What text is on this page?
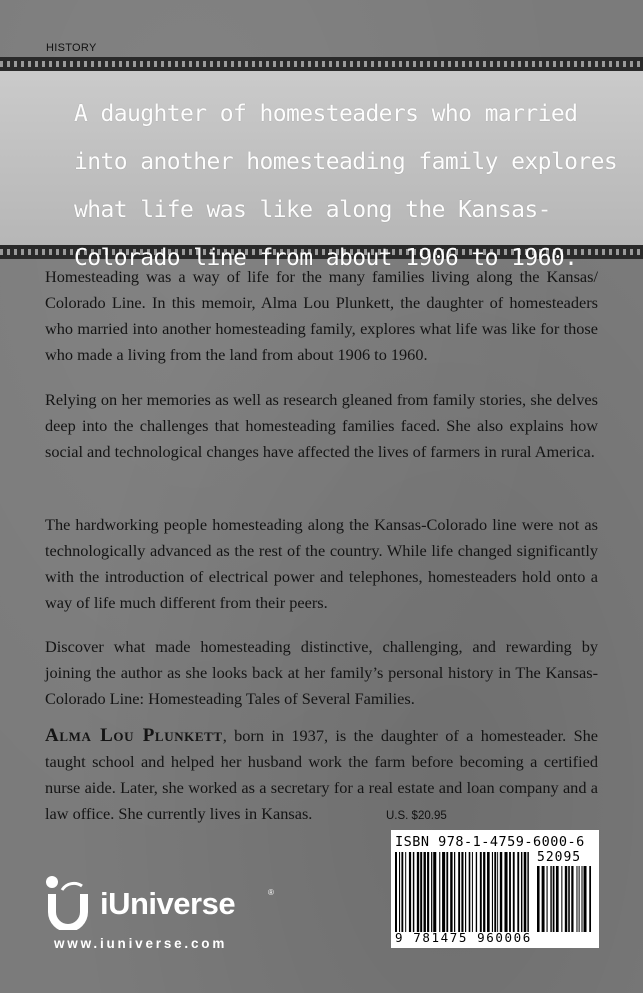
HISTORY
A daughter of homesteaders who married into another homesteading family explores what life was like along the Kansas-Colorado line from about 1906 to 1960.

Homesteading was a way of life for the many families living along the Kansas/ Colorado Line. In this memoir, Alma Lou Plunkett, the daughter of homesteaders who married into another homesteading family, explores what life was like for those who made a living from the land from about 1906 to 1960.

Relying on her memories as well as research gleaned from family stories, she delves deep into the challenges that homesteading families faced. She also explains how social and technological changes have affected the lives of farmers in rural America.

The hardworking people homesteading along the Kansas-Colorado line were not as technologically advanced as the rest of the country. While life changed significantly with the introduction of electrical power and telephones, homesteaders hold onto a way of life much different from their peers.

Discover what made homesteading distinctive, challenging, and rewarding by joining the author as she looks back at her family’s personal history in The Kansas-Colorado Line: Homesteading Tales of Several Families.

Alma Lou Plunkett, born in 1937, is the daughter of a homesteader. She taught school and helped her husband work the farm before becoming a certified nurse aide. Later, she worked as a secretary for a real estate and loan company and a law office. She currently lives in Kansas.	U.S. $20.95
ISBN 978-1-4759-6000-6
52095
9 781475 960006
iUniverse	®
www.iuniverse.com
